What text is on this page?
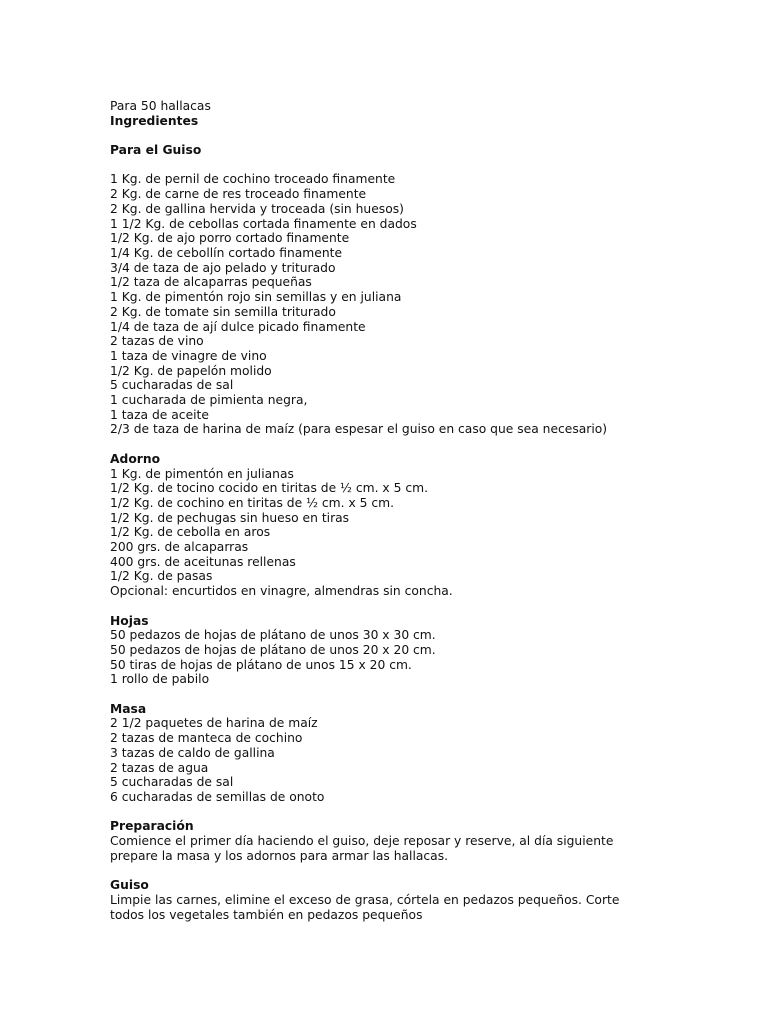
Para 50 hallacas
Ingredientes
Para el Guiso
1 Kg. de pernil de cochino troceado finamente
2 Kg. de carne de res troceado finamente
2 Kg. de gallina hervida y troceada (sin huesos)
1 1/2 Kg. de cebollas cortada finamente en dados
1/2 Kg. de ajo porro cortado finamente
1/4 Kg. de cebollín cortado finamente
3/4 de taza de ajo pelado y triturado
1/2 taza de alcaparras pequeñas
1 Kg. de pimentón rojo sin semillas y en juliana
2 Kg. de tomate sin semilla triturado
1/4 de taza de ají dulce picado finamente
2 tazas de vino
1 taza de vinagre de vino
1/2 Kg. de papelón molido
5 cucharadas de sal
1 cucharada de pimienta negra,
1 taza de aceite
2/3 de taza de harina de maíz (para espesar el guiso en caso que sea necesario)
Adorno
1 Kg. de pimentón en julianas
1/2 Kg. de tocino cocido en tiritas de ½ cm. x 5 cm.
1/2 Kg. de cochino en tiritas de ½ cm. x 5 cm.
1/2 Kg. de pechugas sin hueso en tiras
1/2 Kg. de cebolla en aros
200 grs. de alcaparras
400 grs. de aceitunas rellenas
1/2 Kg. de pasas
Opcional: encurtidos en vinagre, almendras sin concha.
Hojas
50 pedazos de hojas de plátano de unos 30 x 30 cm.
50 pedazos de hojas de plátano de unos 20 x 20 cm.
50 tiras de hojas de plátano de unos 15 x 20 cm.
1 rollo de pabilo
Masa
2 1/2 paquetes de harina de maíz
2 tazas de manteca de cochino
3 tazas de caldo de gallina
2 tazas de agua
5 cucharadas de sal
6 cucharadas de semillas de onoto
Preparación
Comience el primer día haciendo el guiso, deje reposar y reserve, al día siguiente prepare la masa y los adornos para armar las hallacas.
Guiso
Limpie las carnes, elimine el exceso de grasa, córtela en pedazos pequeños. Corte todos los vegetales también en pedazos pequeños
